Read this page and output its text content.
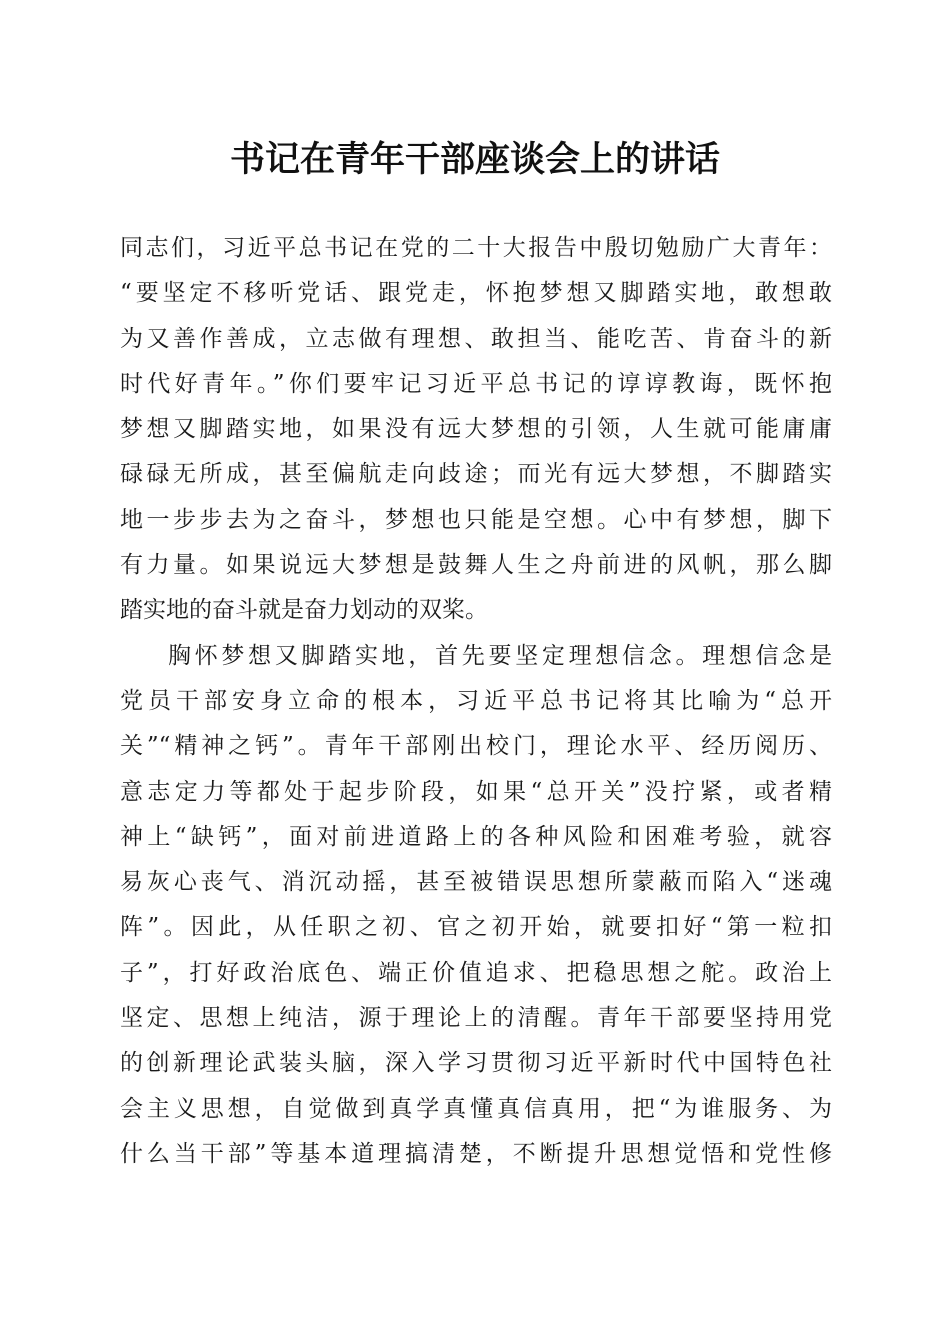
书记在青年干部座谈会上的讲话
同志们，习近平总书记在党的二十大报告中殷切勉励广大青年：
“要坚定不移听党话、跟党走，怀抱梦想又脚踏实地，敢想敢
为又善作善成，立志做有理想、敢担当、能吃苦、肯奋斗的新
时代好青年。”你们要牢记习近平总书记的谆谆教诲，既怀抱
梦想又脚踏实地，如果没有远大梦想的引领，人生就可能庸庸
碌碌无所成，甚至偏航走向歧途；而光有远大梦想，不脚踏实
地一步步去为之奋斗，梦想也只能是空想。心中有梦想，脚下
有力量。如果说远大梦想是鼓舞人生之舟前进的风帆，那么脚
踏实地的奋斗就是奋力划动的双桨。
胸怀梦想又脚踏实地，首先要坚定理想信念。理想信念是
党员干部安身立命的根本，习近平总书记将其比喻为“总开
关”“精神之钙”。青年干部刚出校门，理论水平、经历阅历、
意志定力等都处于起步阶段，如果“总开关”没拧紧，或者精
神上“缺钙”，面对前进道路上的各种风险和困难考验，就容
易灰心丧气、消沉动摇，甚至被错误思想所蒙蔽而陷入“迷魂
阵”。因此，从任职之初、官之初开始，就要扣好“第一粒扣
子”，打好政治底色、端正价值追求、把稳思想之舵。政治上
坚定、思想上纯洁，源于理论上的清醒。青年干部要坚持用党
的创新理论武装头脑，深入学习贯彻习近平新时代中国特色社
会主义思想，自觉做到真学真懂真信真用，把“为谁服务、为
什么当干部”等基本道理搞清楚，不断提升思想觉悟和党性修
